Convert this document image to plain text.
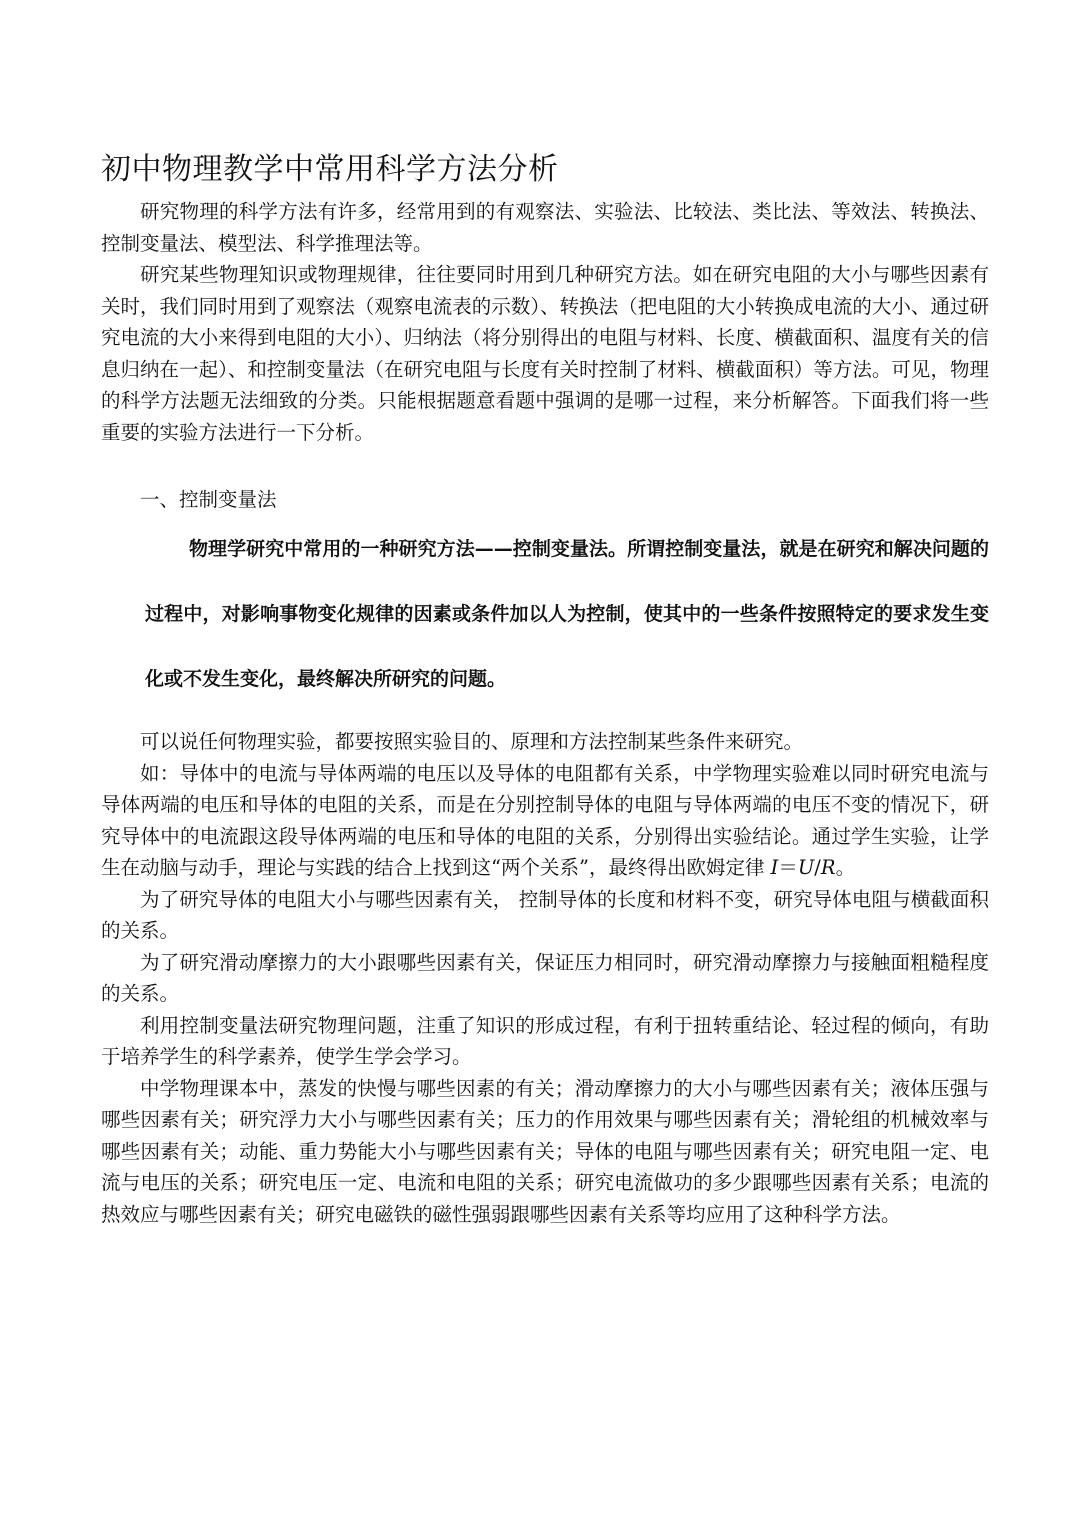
初中物理教学中常用科学方法分析

研究物理的科学方法有许多，经常用到的有观察法、实验法、比较法、类比法、等效法、转换法、控制变量法、模型法、科学推理法等。

研究某些物理知识或物理规律，往往要同时用到几种研究方法。如在研究电阻的大小与哪些因素有关时，我们同时用到了观察法（观察电流表的示数）、转换法（把电阻的大小转换成电流的大小、通过研究电流的大小来得到电阻的大小）、归纳法（将分别得出的电阻与材料、长度、横截面积、温度有关的信息归纳在一起）、和控制变量法（在研究电阻与长度有关时控制了材料、横截面积）等方法。可见，物理的科学方法题无法细致的分类。只能根据题意看题中强调的是哪一过程，来分析解答。下面我们将一些重要的实验方法进行一下分析。

一、控制变量法

物理学研究中常用的一种研究方法——控制变量法。所谓控制变量法，就是在研究和解决问题的过程中，对影响事物变化规律的因素或条件加以人为控制，使其中的一些条件按照特定的要求发生变化或不发生变化，最终解决所研究的问题。

可以说任何物理实验，都要按照实验目的、原理和方法控制某些条件来研究。

如：导体中的电流与导体两端的电压以及导体的电阻都有关系，中学物理实验难以同时研究电流与导体两端的电压和导体的电阻的关系，而是在分别控制导体的电阻与导体两端的电压不变的情况下，研究导体中的电流跟这段导体两端的电压和导体的电阻的关系，分别得出实验结论。通过学生实验，让学生在动脑与动手，理论与实践的结合上找到这“两个关系”，最终得出欧姆定律 I＝U/R。

为了研究导体的电阻大小与哪些因素有关， 控制导体的长度和材料不变，研究导体电阻与横截面积的关系。

为了研究滑动摩擦力的大小跟哪些因素有关，保证压力相同时，研究滑动摩擦力与接触面粗糙程度的关系。

利用控制变量法研究物理问题，注重了知识的形成过程，有利于扭转重结论、轻过程的倾向，有助于培养学生的科学素养，使学生学会学习。

中学物理课本中，蒸发的快慢与哪些因素的有关；滑动摩擦力的大小与哪些因素有关；液体压强与哪些因素有关；研究浮力大小与哪些因素有关；压力的作用效果与哪些因素有关；滑轮组的机械效率与哪些因素有关；动能、重力势能大小与哪些因素有关；导体的电阻与哪些因素有关；研究电阻一定、电流与电压的关系；研究电压一定、电流和电阻的关系；研究电流做功的多少跟哪些因素有关系；电流的热效应与哪些因素有关；研究电磁铁的磁性强弱跟哪些因素有关系等均应用了这种科学方法。
